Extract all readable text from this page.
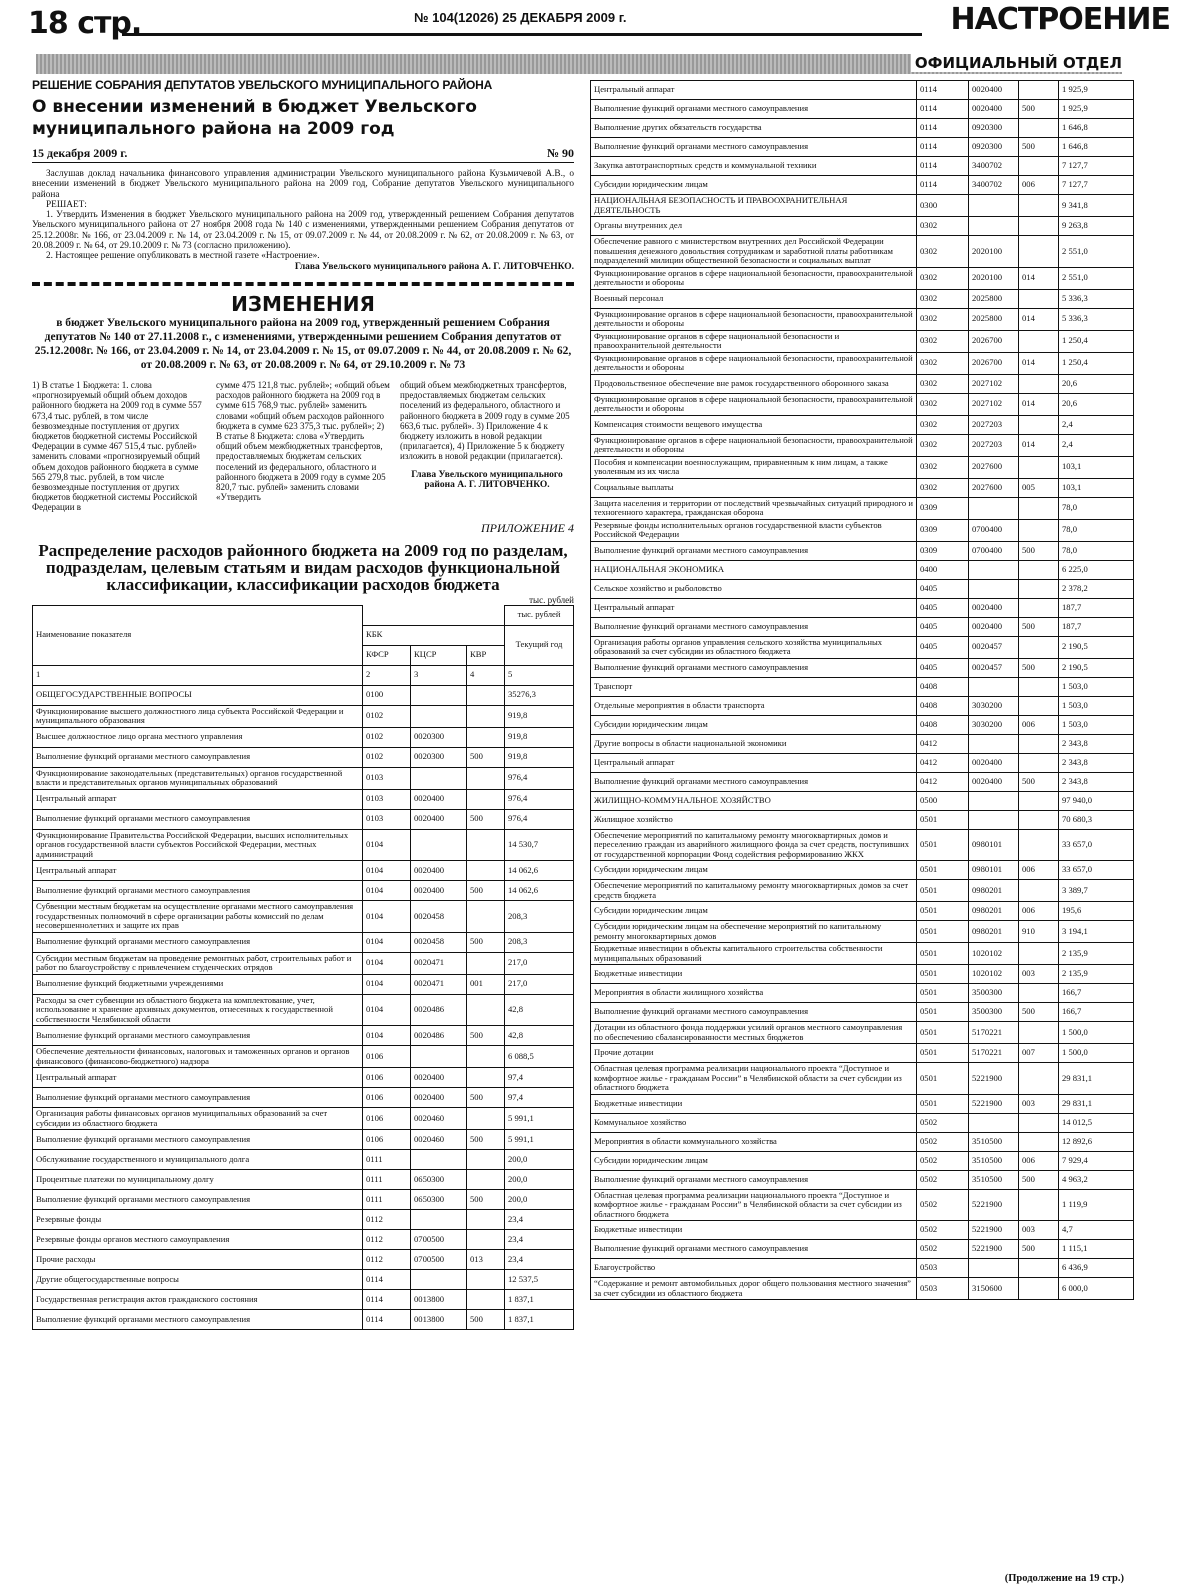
18 стр.	№ 104(12026) 25 ДЕКАБРЯ 2009 г.	НАСТРОЕНИЕ
ОФИЦИАЛЬНЫЙ ОТДЕЛ
РЕШЕНИЕ СОБРАНИЯ ДЕПУТАТОВ УВЕЛЬСКОГО МУНИЦИПАЛЬНОГО РАЙОНА
О внесении изменений в бюджет Увельского муниципального района на 2009 год
15 декабря 2009 г.	№ 90

Заслушав доклад начальника финансового управления администрации Увельского муниципального района Кузьмичевой А.В., о внесении изменений в бюджет Увельского муниципального района на 2009 год, Собрание депутатов Увельского муниципального района

РЕШАЕТ:

1. Утвердить Изменения в бюджет Увельского муниципального района на 2009 год, утвержденный решением Собрания депутатов Увельского муниципального района от 27 ноября 2008 года № 140 с изменениями, утвержденными решением Собрания депутатов от 25.12.2008г. № 166, от 23.04.2009 г. № 14, от 23.04.2009 г. № 15, от 09.07.2009 г. № 44, от 20.08.2009 г. № 62, от 20.08.2009 г. № 63, от 20.08.2009 г. № 64, от 29.10.2009 г. № 73 (согласно приложению).

2. Настоящее решение опубликовать в местной газете «Настроение».

Глава Увельского муниципального района А. Г. ЛИТОВЧЕНКО.
ИЗМЕНЕНИЯ
в бюджет Увельского муниципального района на 2009 год, утвержденный решением Собрания депутатов № 140 от 27.11.2008 г., с изменениями, утвержденными решением Собрания депутатов от 25.12.2008г. № 166, от 23.04.2009 г. № 14, от 23.04.2009 г. № 15, от 09.07.2009 г. № 44, от 20.08.2009 г. № 62, от 20.08.2009 г. № 63, от 20.08.2009 г. № 64, от 29.10.2009 г. № 73

1) В статье 1 Бюджета: 1. слова «прогнозируемый общий объем доходов районного бюджета на 2009 год в сумме 557 673,4 тыс. рублей, в том числе безвозмездные поступления от других бюджетов бюджетной системы Российской Федерации в сумме 467 515,4 тыс. рублей» заменить словами «прогнозируемый общий объем доходов районного бюджета в сумме 565 279,8 тыс. рублей, в том числе безвозмездные поступления от других бюджетов бюджетной системы Российской Федерации в

сумме 475 121,8 тыс. рублей»; «общий объем расходов районного бюджета на 2009 год в сумме 615 768,9 тыс. рублей» заменить словами «общий объем расходов районного бюджета в сумме 623 375,3 тыс. рублей»; 2) В статье 8 Бюджета: слова «Утвердить общий объем межбюджетных трансфертов, предоставляемых бюджетам сельских поселений из федерального, областного и районного бюджета в 2009 году в сумме 205 820,7 тыс. рублей» заменить словами «Утвердить

общий объем межбюджетных трансфертов, предоставляемых бюджетам сельских поселений из федерального, областного и районного бюджета в 2009 году в сумме 205 663,6 тыс. рублей». 3) Приложение 4 к бюджету изложить в новой редакции (прилагается), 4) Приложение 5 к бюджету изложить в новой редакции (прилагается).

Глава Увельского муниципального района А. Г. ЛИТОВЧЕНКО.
ПРИЛОЖЕНИЕ 4
Распределение расходов районного бюджета на 2009 год по разделам, подразделам, целевым статьям и видам расходов функциональной классификации, классификации расходов бюджета
тыс. рублей
Наименование показателя				тыс. рублей
	КБК			Текущий год
	КФСР	КЦСР	КВР	
1	2	3	4	5
ОБЩЕГОСУДАРСТВЕННЫЕ ВОПРОСЫ	0100			35276,3
Функционирование высшего должностного лица субъекта Российской Федерации и муниципального образования	0102			919,8
Высшее должностное лицо органа местного управления	0102	0020300		919,8
Выполнение функций органами местного самоуправления	0102	0020300	500	919,8
Функционирование законодательных (представительных) органов государственной власти и представительных органов муниципальных образований	0103			976,4
Центральный аппарат	0103	0020400		976,4
Выполнение функций органами местного самоуправления	0103	0020400	500	976,4
Функционирование Правительства Российской Федерации, высших исполнительных органов государственной власти субъектов Российской Федерации, местных администраций	0104			14 530,7
Центральный аппарат	0104	0020400		14 062,6
Выполнение функций органами местного самоуправления	0104	0020400	500	14 062,6
Субвенции местным бюджетам на осуществление органами местного самоуправления государственных полномочий в сфере организации работы комиссий по делам несовершеннолетних и защите их прав	0104	0020458		208,3
Выполнение функций органами местного самоуправления	0104	0020458	500	208,3
Субсидии местным бюджетам на проведение ремонтных работ, строительных работ и работ по благоустройству с привлечением студенческих отрядов	0104	0020471		217,0
Выполнение функций бюджетными учреждениями	0104	0020471	001	217,0
Расходы за счет субвенции из областного бюджета на комплектование, учет, использование и хранение архивных документов, отнесенных к государственной собственности Челябинской области	0104	0020486		42,8
Выполнение функций органами местного самоуправления	0104	0020486	500	42,8
Обеспечение деятельности финансовых, налоговых и таможенных органов и органов финансового (финансово-бюджетного) надзора	0106			6 088,5
Центральный аппарат	0106	0020400		97,4
Выполнение функций органами местного самоуправления	0106	0020400	500	97,4
Организация работы финансовых органов муниципальных образований за счет субсидии из областного бюджета	0106	0020460		5 991,1
Выполнение функций органами местного самоуправления	0106	0020460	500	5 991,1
Обслуживание государственного и муниципального долга	0111			200,0
Процентные платежи по муниципальному долгу	0111	0650300		200,0
Выполнение функций органами местного самоуправления	0111	0650300	500	200,0
Резервные фонды	0112			23,4
Резервные фонды органов местного самоуправления	0112	0700500		23,4
Прочие расходы	0112	0700500	013	23,4
Другие общегосударственные вопросы	0114			12 537,5
Государственная регистрация актов гражданского состояния	0114	0013800		1 837,1
Выполнение функций органами местного самоуправления	0114	0013800	500	1 837,1
Центральный аппарат	0114	0020400		1 925,9
Выполнение функций органами местного самоуправления	0114	0020400	500	1 925,9
Выполнение других обязательств государства	0114	0920300		1 646,8
Выполнение функций органами местного самоуправления	0114	0920300	500	1 646,8
Закупка автотранспортных средств и коммунальной техники	0114	3400702		7 127,7
Субсидии юридическим лицам	0114	3400702	006	7 127,7
НАЦИОНАЛЬНАЯ БЕЗОПАСНОСТЬ И ПРАВООХРАНИТЕЛЬНАЯ ДЕЯТЕЛЬНОСТЬ	0300			9 341,8
Органы внутренних дел	0302			9 263,8
Обеспечение равного с министерством внутренних дел Российской Федерации повышения денежного довольствия сотрудникам и заработной платы работникам подразделений милиции общественной безопасности и социальных выплат	0302	2020100		2 551,0
Функционирование органов в сфере национальной безопасности, правоохранительной деятельности и обороны	0302	2020100	014	2 551,0
Военный персонал	0302	2025800		5 336,3
Функционирование органов в сфере национальной безопасности, правоохранительной деятельности и обороны	0302	2025800	014	5 336,3
Функционирование органов в сфере национальной безопасности и правоохранительной деятельности	0302	2026700		1 250,4
Функционирование органов в сфере национальной безопасности, правоохранительной деятельности и обороны	0302	2026700	014	1 250,4
Продовольственное обеспечение вне рамок государственного оборонного заказа	0302	2027102		20,6
Функционирование органов в сфере национальной безопасности, правоохранительной деятельности и обороны	0302	2027102	014	20,6
Компенсация стоимости вещевого имущества	0302	2027203		2,4
Функционирование органов в сфере национальной безопасности, правоохранительной деятельности и обороны	0302	2027203	014	2,4
Пособия и компенсации военнослужащим, приравненным к ним лицам, а также уволенным из их числа	0302	2027600		103,1
Социальные выплаты	0302	2027600	005	103,1
Защита населения и территории от последствий чрезвычайных ситуаций природного и техногенного характера, гражданская оборона	0309			78,0
Резервные фонды исполнительных органов государственной власти субъектов Российской Федерации	0309	0700400		78,0
Выполнение функций органами местного самоуправления	0309	0700400	500	78,0
НАЦИОНАЛЬНАЯ ЭКОНОМИКА	0400			6 225,0
Сельское хозяйство и рыболовство	0405			2 378,2
Центральный аппарат	0405	0020400		187,7
Выполнение функций органами местного самоуправления	0405	0020400	500	187,7
Организация работы органов управления сельского хозяйства муниципальных образований за счет субсидии из областного бюджета	0405	0020457		2 190,5
Выполнение функций органами местного самоуправления	0405	0020457	500	2 190,5
Транспорт	0408			1 503,0
Отдельные мероприятия в области транспорта	0408	3030200		1 503,0
Субсидии юридическим лицам	0408	3030200	006	1 503,0
Другие вопросы в области национальной экономики	0412			2 343,8
Центральный аппарат	0412	0020400		2 343,8
Выполнение функций органами местного самоуправления	0412	0020400	500	2 343,8
ЖИЛИЩНО-КОММУНАЛЬНОЕ ХОЗЯЙСТВО	0500			97 940,0
Жилищное хозяйство	0501			70 680,3
Обеспечение мероприятий по капитальному ремонту многоквартирных домов и переселению граждан из аварийного жилищного фонда за счет средств, поступивших от государственной корпорации Фонд содействия реформированию ЖКХ	0501	0980101		33 657,0
Субсидии юридическим лицам	0501	0980101	006	33 657,0
Обеспечение мероприятий по капитальному ремонту многоквартирных домов за счет средств бюджета	0501	0980201		3 389,7
Субсидии юридическим лицам	0501	0980201	006	195,6
Субсидии юридическим лицам на обеспечение мероприятий по капитальному ремонту многоквартирных домов	0501	0980201	910	3 194,1
Бюджетные инвестиции в объекты капитального строительства собственности муниципальных образований	0501	1020102		2 135,9
Бюджетные инвестиции	0501	1020102	003	2 135,9
Мероприятия в области жилищного хозяйства	0501	3500300		166,7
Выполнение функций органами местного самоуправления	0501	3500300	500	166,7
Дотации из областного фонда поддержки усилий органов местного самоуправления по обеспечению сбалансированности местных бюджетов	0501	5170221		1 500,0
Прочие дотации	0501	5170221	007	1 500,0
Областная целевая программа реализации национального проекта “Доступное и комфортное жилье - гражданам России” в Челябинской области за счет субсидии из областного бюджета	0501	5221900		29 831,1
Бюджетные инвестиции	0501	5221900	003	29 831,1
Коммунальное хозяйство	0502			14 012,5
Мероприятия в области коммунального хозяйства	0502	3510500		12 892,6
Субсидии юридическим лицам	0502	3510500	006	7 929,4
Выполнение функций органами местного самоуправления	0502	3510500	500	4 963,2
Областная целевая программа реализации национального проекта “Доступное и комфортное жилье - гражданам России” в Челябинской области за счет субсидии из областного бюджета	0502	5221900		1 119,9
Бюджетные инвестиции	0502	5221900	003	4,7
Выполнение функций органами местного самоуправления	0502	5221900	500	1 115,1
Благоустройство	0503			6 436,9
“Содержание и ремонт автомобильных дорог общего пользования местного значения” за счет субсидии из областного бюджета	0503	3150600		6 000,0
(Продолжение на 19 стр.)
